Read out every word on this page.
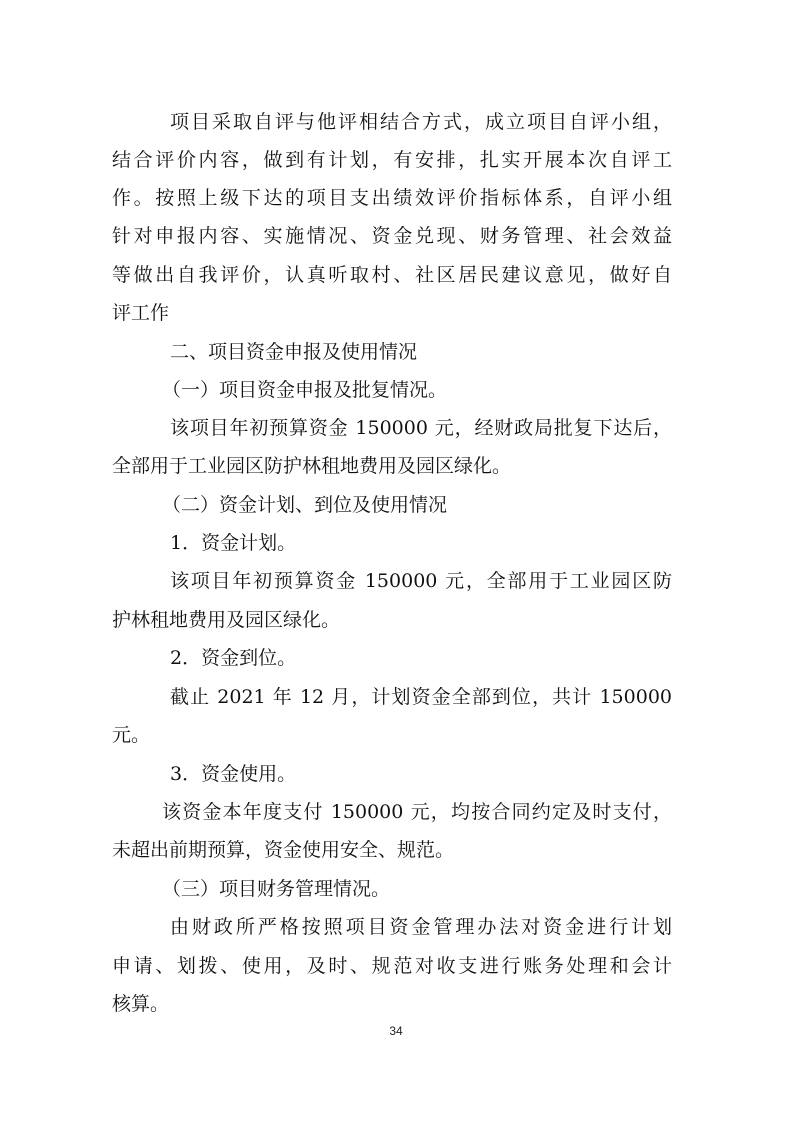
项目采取自评与他评相结合方式，成立项目自评小组，
结合评价内容，做到有计划，有安排，扎实开展本次自评工
作。按照上级下达的项目支出绩效评价指标体系，自评小组
针对申报内容、实施情况、资金兑现、财务管理、社会效益
等做出自我评价，认真听取村、社区居民建议意见，做好自
评工作
二、项目资金申报及使用情况
（一）项目资金申报及批复情况。
该项目年初预算资金 150000 元，经财政局批复下达后，
全部用于工业园区防护林租地费用及园区绿化。
（二）资金计划、到位及使用情况
1．资金计划。
该项目年初预算资金 150000 元，全部用于工业园区防
护林租地费用及园区绿化。
2．资金到位。
截止 2021 年 12 月，计划资金全部到位，共计 150000
元。
3．资金使用。
该资金本年度支付 150000 元，均按合同约定及时支付，
未超出前期预算，资金使用安全、规范。
（三）项目财务管理情况。
由财政所严格按照项目资金管理办法对资金进行计划
申请、划拨、使用，及时、规范对收支进行账务处理和会计
核算。
34
